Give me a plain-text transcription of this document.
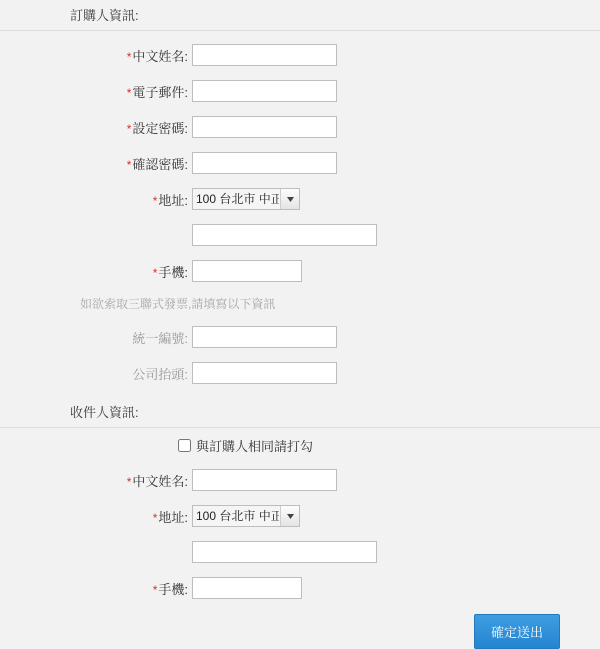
訂購人資訊:
*中文姓名:
*電子郵件:
*設定密碼:
*確認密碼:
*地址:
100 台北市 中正區
*手機:
如欲索取三聯式發票,請填寫以下資訊
統一編號:
公司抬頭:
收件人資訊:
與訂購人相同請打勾
*中文姓名:
*地址:
100 台北市 中正區
*手機:
確定送出
